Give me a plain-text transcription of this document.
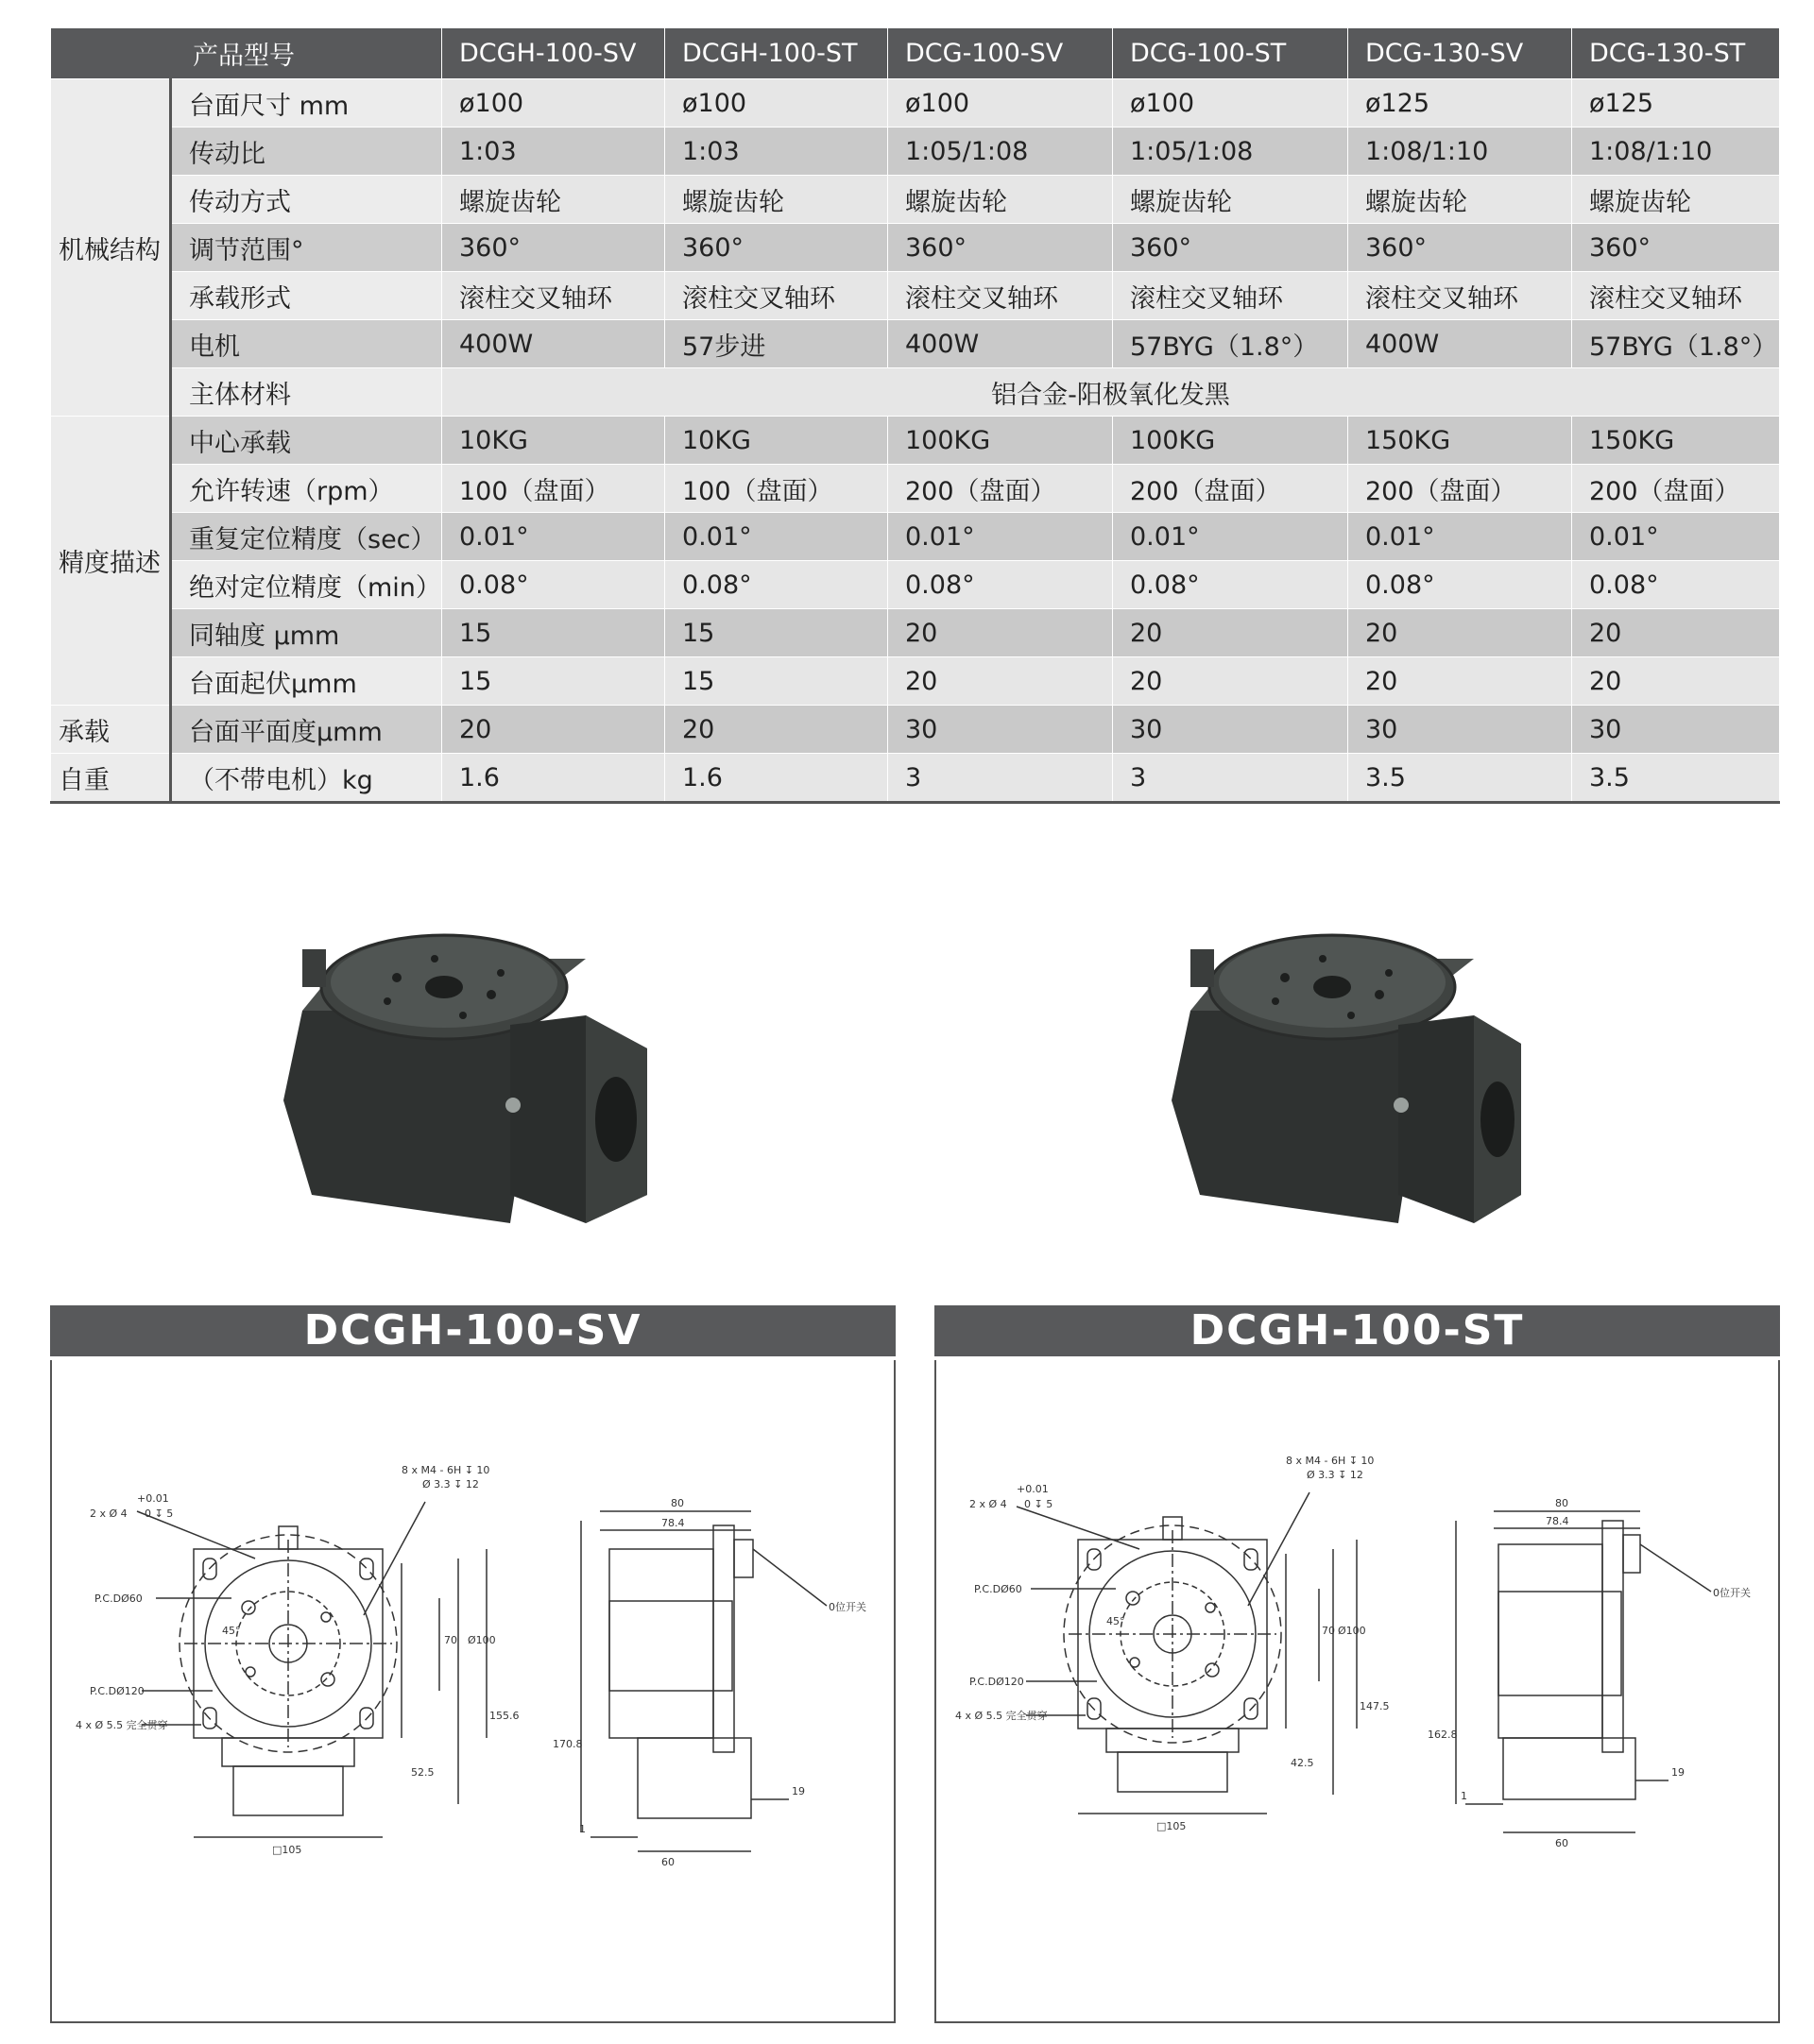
产品型号		DCGH-100-SV	DCGH-100-ST	DCG-100-SV	DCG-100-ST	DCG-130-SV	DCG-130-ST
机械结构	台面尺寸 mm	ø100	ø100	ø100	ø100	ø125	ø125
	传动比	1:03	1:03	1:05/1:08	1:05/1:08	1:08/1:10	1:08/1:10
	传动方式	螺旋齿轮	螺旋齿轮	螺旋齿轮	螺旋齿轮	螺旋齿轮	螺旋齿轮
	调节范围°	360°	360°	360°	360°	360°	360°
	承载形式	滚柱交叉轴环	滚柱交叉轴环	滚柱交叉轴环	滚柱交叉轴环	滚柱交叉轴环	滚柱交叉轴环
	电机	400W	57步进	400W	57BYG（1.8°）	400W	57BYG（1.8°）
	主体材料	铝合金-阳极氧化发黑					
精度描述	中心承载	10KG	10KG	100KG	100KG	150KG	150KG
	允许转速（rpm）	100（盘面）	100（盘面）	200（盘面）	200（盘面）	200（盘面）	200（盘面）
	重复定位精度（sec）	0.01°	0.01°	0.01°	0.01°	0.01°	0.01°
	绝对定位精度（min）	0.08°	0.08°	0.08°	0.08°	0.08°	0.08°
	同轴度 μmm	15	15	20	20	20	20
	台面起伏μmm	15	15	20	20	20	20
承载	台面平面度μmm	20	20	30	30	30	30
自重	（不带电机）kg	1.6	1.6	3	3	3.5	3.5
DCGH-100-SV
8 x M4 - 6H ↧ 10
Ø 3.3 ↧ 12
+0.01
2 x Ø 4 0 ↧ 5
P.C.DØ60
P.C.DØ120
4 x Ø 5.5 完全贯穿
45°
70 Ø100
155.6
52.5
170.8
□105
80
78.4
60
19
1
0位开关
DCGH-100-ST
8 x M4 - 6H ↧ 10
Ø 3.3 ↧ 12
+0.01
2 x Ø 4 0 ↧ 5
P.C.DØ60
P.C.DØ120
4 x Ø 5.5 完全贯穿
45°
70 Ø100
147.5
42.5
162.8
□105
80
78.4
60
19
1
0位开关
